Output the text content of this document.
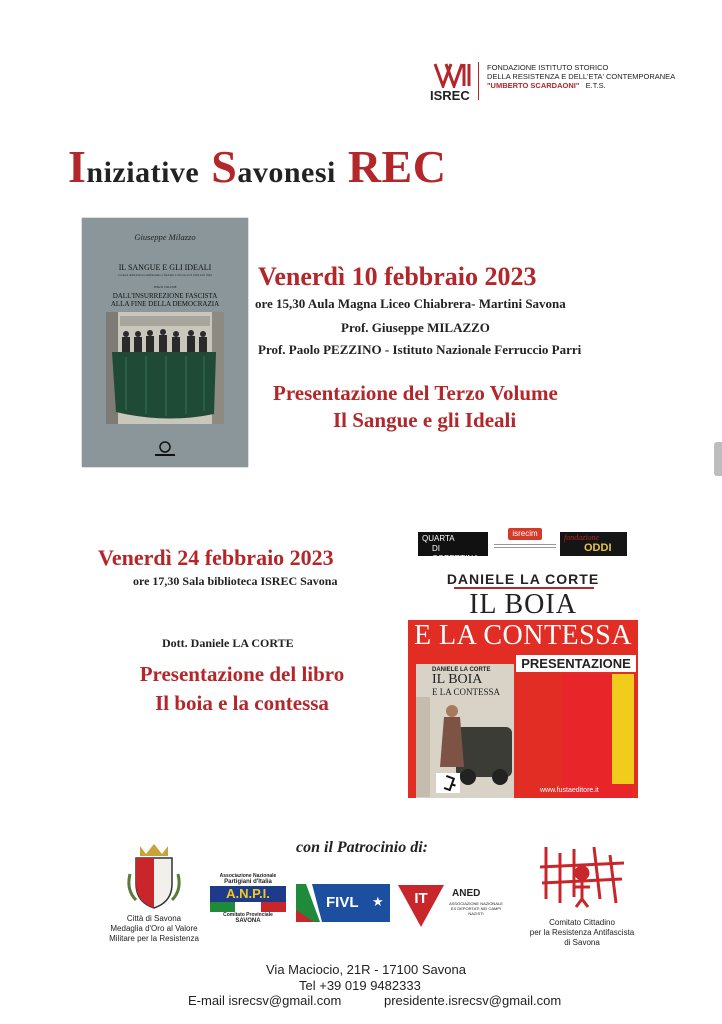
ISREC
FONDAZIONE ISTITUTO STORICO
DELLA RESISTENZA E DELL'ETA' CONTEMPORANEA
"UMBERTO SCARDAONI" E.T.S.
Iniziative Savonesi REC
Giuseppe Milazzo
IL SANGUE E GLI IDEALI
Cronaca della lotta tra antifascismo e fascismo a Savona tra il 1919 ed il 1924
TERZO VOLUME
DALL'INSURREZIONE FASCISTA
ALLA FINE DELLA DEMOCRAZIA
Venerdì 10 febbraio 2023
ore 15,30 Aula Magna Liceo Chiabrera- Martini Savona
Prof. Giuseppe MILAZZO
Prof. Paolo PEZZINO - Istituto Nazionale Ferruccio Parri
Presentazione del Terzo Volume
Il Sangue e gli Ideali
Venerdì 24 febbraio 2023
ore 17,30 Sala biblioteca ISREC Savona
Dott. Daniele LA CORTE
Presentazione del libro
Il boia e la contessa
QUARTA
DI COPERTINA
isrecim	fondazione
ODDI
DANIELE LA CORTE
IL BOIA
E LA CONTESSA
PRESENTAZIONE
DANIELE LA CORTE
IL BOIA
E LA CONTESSA
www.fustaeditore.it
con il Patrocinio di:
Città di Savona
Medaglia d'Oro al Valore
Militare per la Resistenza
Associazione Nazionale
Partigiani d'Italia
A.N.P.I.
Comitato Provinciale
SAVONA
FIVL ★ IT ANED
ASSOCIAZIONE NAZIONALE
EX DEPORTATI NEI CAMPI NAZISTI
Comitato Cittadino
per la Resistenza Antifascista
di Savona
Via Maciocio, 21R - 17100 Savona
Tel +39 019 9482333
E-mail isrecsv@gmail.com	presidente.isrecsv@gmail.com
